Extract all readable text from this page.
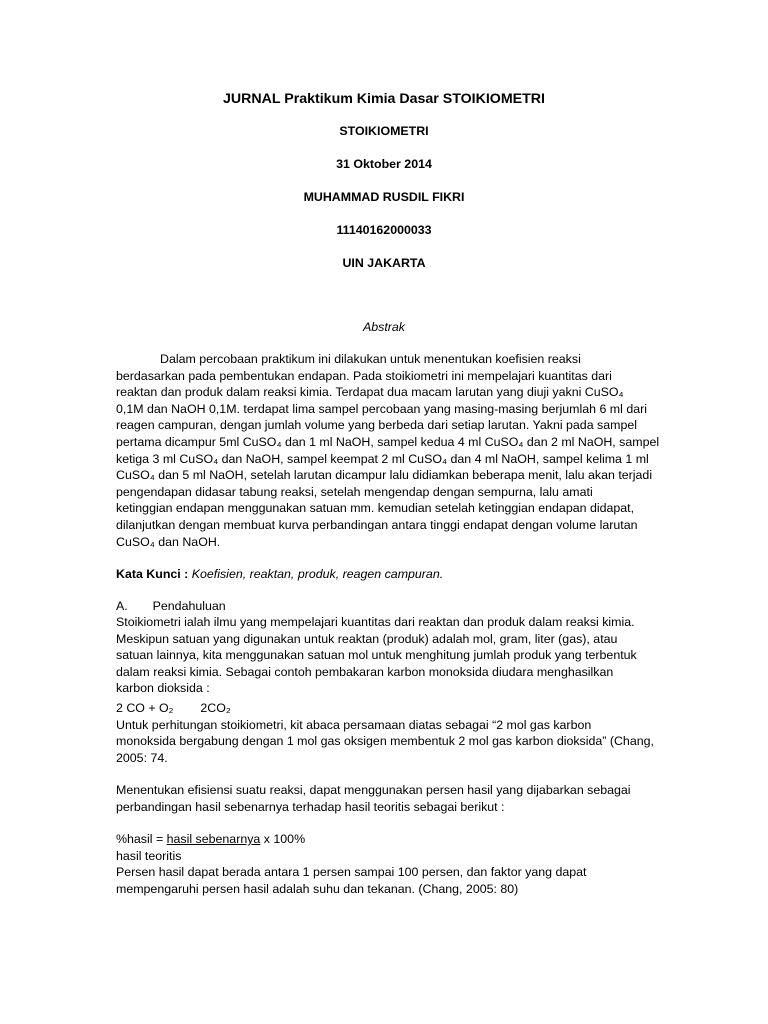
JURNAL Praktikum Kimia Dasar STOIKIOMETRI
STOIKIOMETRI
31 Oktober 2014
MUHAMMAD RUSDIL FIKRI
11140162000033
UIN JAKARTA
Abstrak
Dalam percobaan praktikum ini dilakukan untuk menentukan koefisien reaksi
berdasarkan pada pembentukan endapan. Pada stoikiometri ini mempelajari kuantitas dari
reaktan dan produk dalam reaksi kimia. Terdapat dua macam larutan yang diuji yakni CuSO₄
0,1M dan NaOH 0,1M. terdapat lima sampel percobaan yang masing-masing berjumlah 6 ml dari
reagen campuran, dengan jumlah volume yang berbeda dari setiap larutan. Yakni pada sampel
pertama dicampur 5ml CuSO₄ dan 1 ml NaOH, sampel kedua 4 ml CuSO₄ dan 2 ml NaOH, sampel
ketiga 3 ml CuSO₄ dan NaOH, sampel keempat 2 ml CuSO₄ dan 4 ml NaOH, sampel kelima 1 ml
CuSO₄ dan 5 ml NaOH, setelah larutan dicampur lalu didiamkan beberapa menit, lalu akan terjadi
pengendapan didasar tabung reaksi, setelah mengendap dengan sempurna, lalu amati
ketinggian endapan menggunakan satuan mm. kemudian setelah ketinggian endapan didapat,
dilanjutkan dengan membuat kurva perbandingan antara tinggi endapat dengan volume larutan
CuSO₄ dan NaOH.
Kata Kunci : Koefisien, reaktan, produk, reagen campuran.
A. Pendahuluan
Stoikiometri ialah ilmu yang mempelajari kuantitas dari reaktan dan produk dalam reaksi kimia.
Meskipun satuan yang digunakan untuk reaktan (produk) adalah mol, gram, liter (gas), atau
satuan lainnya, kita menggunakan satuan mol untuk menghitung jumlah produk yang terbentuk
dalam reaksi kimia. Sebagai contoh pembakaran karbon monoksida diudara menghasilkan
karbon dioksida :
2 CO + O₂ 2CO₂
Untuk perhitungan stoikiometri, kit abaca persamaan diatas sebagai “2 mol gas karbon
monoksida bergabung dengan 1 mol gas oksigen membentuk 2 mol gas karbon dioksida” (Chang,
2005: 74.
Menentukan efisiensi suatu reaksi, dapat menggunakan persen hasil yang dijabarkan sebagai
perbandingan hasil sebenarnya terhadap hasil teoritis sebagai berikut :
%hasil = hasil sebenarnya x 100%
hasil teoritis
Persen hasil dapat berada antara 1 persen sampai 100 persen, dan faktor yang dapat
mempengaruhi persen hasil adalah suhu dan tekanan. (Chang, 2005: 80)
